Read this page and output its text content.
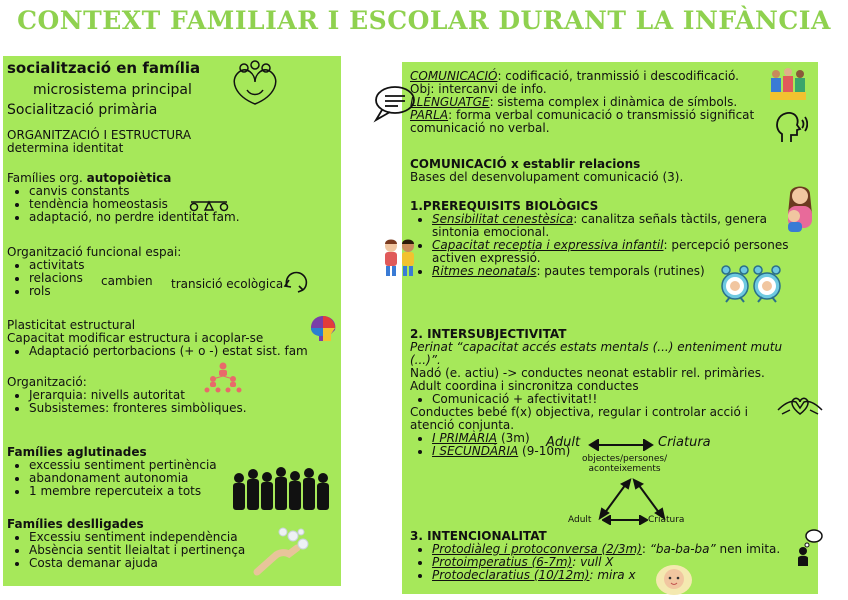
CONTEXT FAMILIAR I ESCOLAR DURANT LA INFÀNCIA
socialització en família
microsistema principal
Socialització primària
ORGANITZACIÓ I ESTRUCTURA
determina identitat
Famílies org. autopoiètica
• canvis constants
• tendència homeostasis
• adaptació, no perdre identitat fam.
Organització funcional espai:
• activitats
• relacions
• rols
cambien transició ecològica
Plasticitat estructural
Capacitat modificar estructura i acoplar-se
• Adaptació pertorbacions (+ o -) estat sist. fam
Organització:
• Jerarquia: nivells autoritat
• Subsistemes: fronteres simbòliques.
Famílies aglutinades
• excessiu sentiment pertinència
• abandonament autonomia
• 1 membre repercuteix a tots
Famílies deslligades
• Excessiu sentiment independència
• Absència sentit lleialtat i pertinença
• Costa demanar ajuda
COMUNICACIÓ: codificació, tranmissió i descodificació.
Obj: intercanvi de info.
LLENGUATGE: sistema complex i dinàmica de símbols.
PARLA: forma verbal comunicació o transmissió significat
comunicació no verbal.
COMUNICACIÓ x establir relacions
Bases del desenvolupament comunicació (3).
1.PREREQUISITS BIOLÒGICS
• Sensibilitat cenestèsica: canalitza señals tàctils, genera
sintonia emocional.
• Capacitat receptia i expressiva infantil: percepció persones
activen expressió.
• Ritmes neonatals: pautes temporals (rutines)
2. INTERSUBJECTIVITAT
Perinat “capacitat accés estats mentals (...) enteniment mutu
(...)”.
Nadó (e. actiu) -> conductes neonat establir rel. primàries.
Adult coordina i sincronitza conductes
• Comunicació + afectivitat!!
Conductes bebé f(x) objectiva, regular i controlar acció i
atenció conjunta.
• I PRIMÀRIA (3m)
• I SECUNDÀRIA (9-10m)
Adult	Criatura
objectes/persones/
aconteixements
Adult	Criatura
3. INTENCIONALITAT
• Protodiàleg i protoconversa (2/3m): “ba-ba-ba” nen imita.
• Protoimperatius (6-7m): vull X
• Protodeclaratius (10/12m): mira x
